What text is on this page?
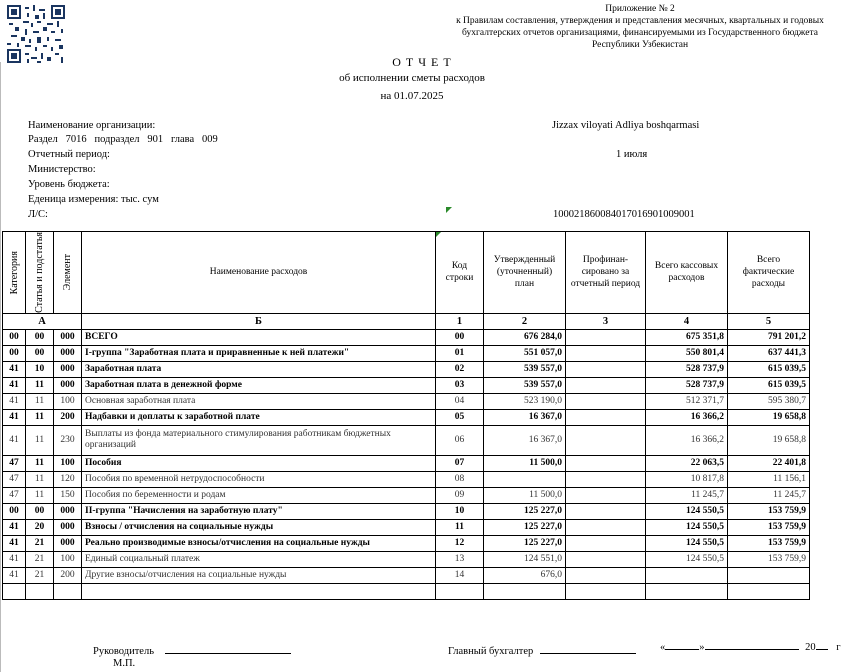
Приложение № 2
к Правилам составления, утверждения и представления месячных, квартальных и годовых
бухгалтерских отчетов организациями, финансируемыми из Государственного бюджета
Республики Узбекистан
О Т Ч Е Т
об исполнении сметы расходов
на 01.07.2025
Наименование организации:	Jizzax viloyati Adliya boshqarmasi
Раздел   7016   подраздел   901   глава   009
Отчетный период:	1 июля
Министерство:
Уровень бюджета:
Еденица измерения: тыс. сум
Л/С:	100021860084017016901009001
Категория	Статья и подстатья	Элемент	Наименование расходов	Код строки	Утвержденный (уточненный) план	Профинан- сировано за отчетный период	Всего кассовых расходов	Всего фактические расходы
А			Б	1	2	3	4	5
00	00	000	ВСЕГО	00	676 284,0		675 351,8	791 201,2
00	00	000	I-группа "Заработная плата и приравненные к ней платежи"	01	551 057,0		550 801,4	637 441,3
41	10	000	Заработная плата	02	539 557,0		528 737,9	615 039,5
41	11	000	Заработная плата в денежной форме	03	539 557,0		528 737,9	615 039,5
41	11	100	Основная заработная плата	04	523 190,0		512 371,7	595 380,7
41	11	200	Надбавки и доплаты к заработной плате	05	16 367,0		16 366,2	19 658,8
41	11	230	Выплаты из фонда материального стимулирования работникам бюджетных организаций	06	16 367,0		16 366,2	19 658,8
47	11	100	Пособия	07	11 500,0		22 063,5	22 401,8
47	11	120	Пособия по временной нетрудоспособности	08			10 817,8	11 156,1
47	11	150	Пособия по беременности и родам	09	11 500,0		11 245,7	11 245,7
00	00	000	II-группа "Начисления на заработную плату"	10	125 227,0		124 550,5	153 759,9
41	20	000	Взносы / отчисления на социальные нужды	11	125 227,0		124 550,5	153 759,9
41	21	000	Реально производимые взносы/отчисления на социальные нужды	12	125 227,0		124 550,5	153 759,9
41	21	100	Единый социальный платеж	13	124 551,0		124 550,5	153 759,9
41	21	200	Другие взносы/отчисления на социальные нужды	14	676,0			

Руководитель
М.П.
Главный бухгалтер	«	»	20 г
